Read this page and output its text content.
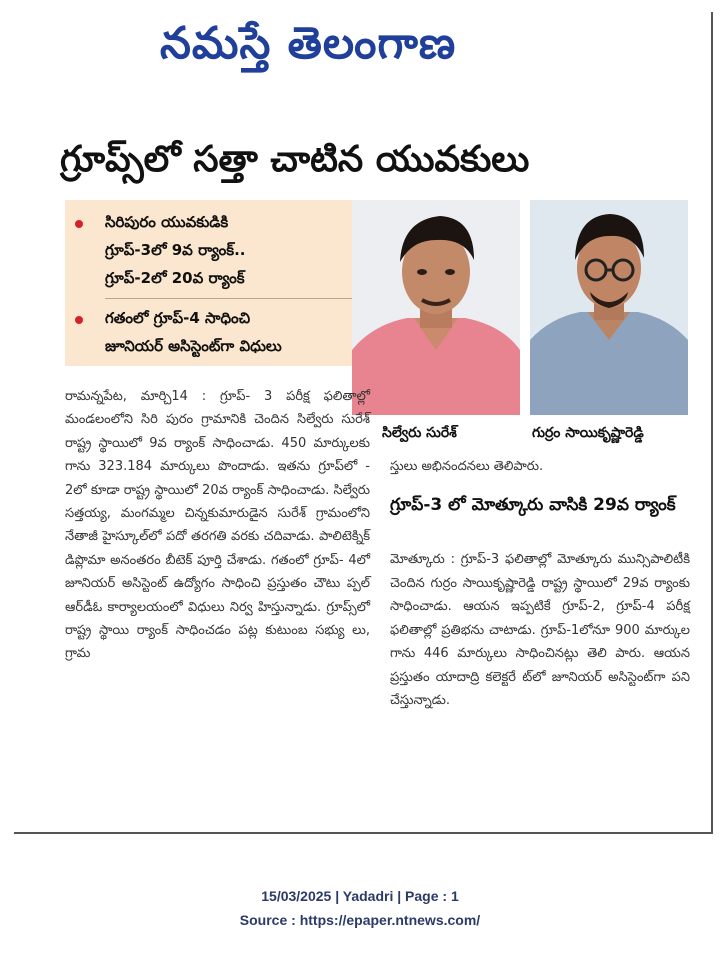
నమస్తే తెలంగాణ
గ్రూప్స్‌లో సత్తా చాటిన యువకులు
సిరిపురం యువకుడికి
గ్రూప్-3లో 9వ ర్యాంక్..
గ్రూప్-2లో 20వ ర్యాంక్
గతంలో గ్రూప్-4 సాధించి
జూనియర్ అసిస్టెంట్‌గా విధులు
సిల్వేరు సురేశ్	గుర్రం సాయికృష్ణారెడ్డి

రామన్నపేట, మార్చి14 : గ్రూప్- 3 పరీక్ష ఫలితాల్లో మండలంలోని సిరి పురం గ్రామానికి చెందిన సిల్వేరు సురేశ్ రాష్ట్ర స్థాయిలో 9వ ర్యాంక్ సాధించాడు. 450 మార్కులకు గాను 323.184 మార్కులు పొందాడు. ఇతను గ్రూప్‌లో - 2లో కూడా రాష్ట్ర స్థాయిలో 20వ ర్యాంక్ సాధించాడు. సిల్వేరు సత్తయ్య, మంగమ్మల చిన్నకుమారుడైన సురేశ్ గ్రామంలోని నేతాజీ హైస్కూల్‌లో పదో తరగతి వరకు చదివాడు. పాలిటెక్నిక్ డిప్లొమా అనంతరం బీటెక్ పూర్తి చేశాడు. గతంలో గ్రూప్- 4లో జూనియర్ అసిస్టెంట్ ఉద్యోగం సాధించి ప్రస్తుతం చౌటు ప్పల్ ఆర్‌డీఓ కార్యాలయంలో విధులు నిర్వ హిస్తున్నాడు. గ్రూప్స్‌లో రాష్ట్ర స్థాయి ర్యాంక్ సాధించడం పట్ల కుటుంబ సభ్యు లు, గ్రామ

స్తులు అభినందనలు తెలిపారు.

గ్రూప్-3 లో మోత్కూరు వాసికి 29వ ర్యాంక్

మోత్కూరు : గ్రూప్-3 ఫలితాల్లో మోత్కూరు మున్సిపాలిటీకి చెందిన గుర్రం సాయికృష్ణారెడ్డి రాష్ట్ర స్థాయిలో 29వ ర్యాంకు సాధించాడు. ఆయన ఇప్పటికే గ్రూప్-2, గ్రూప్-4 పరీక్ష ఫలితాల్లో ప్రతిభను చాటాడు. గ్రూప్-1లోనూ 900 మార్కుల గాను 446 మార్కులు సాధించినట్లు తెలి పారు. ఆయన ప్రస్తుతం యాదాద్రి కలెక్టరే ట్‌లో జూనియర్ అసిస్టెంట్‌గా పని చేస్తున్నాడు.

15/03/2025 | Yadadri | Page : 1
Source : https://epaper.ntnews.com/
